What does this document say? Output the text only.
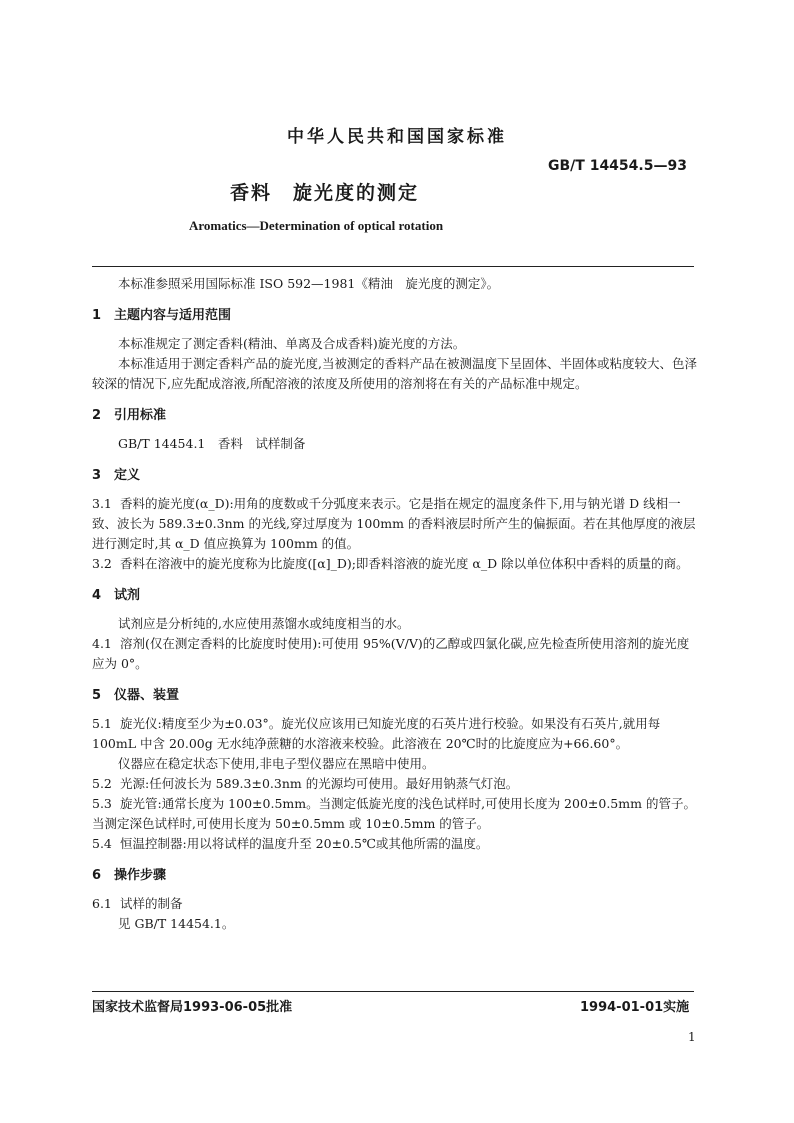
中华人民共和国国家标准
GB/T 14454.5—93
香料　旋光度的测定
Aromatics—Determination of optical rotation

本标准参照采用国际标准 ISO 592—1981《精油　旋光度的测定》。

1 主题内容与适用范围

本标准规定了测定香料(精油、单离及合成香料)旋光度的方法。

本标准适用于测定香料产品的旋光度,当被测定的香料产品在被测温度下呈固体、半固体或粘度较大、色泽较深的情况下,应先配成溶液,所配溶液的浓度及所使用的溶剂将在有关的产品标准中规定。

2 引用标准

GB/T 14454.1　香料　试样制备

3 定义

3.1 香料的旋光度(α_D):用角的度数或千分弧度来表示。它是指在规定的温度条件下,用与钠光谱 D 线相一致、波长为 589.3±0.3nm 的光线,穿过厚度为 100mm 的香料液层时所产生的偏振面。若在其他厚度的液层进行测定时,其 α_D 值应换算为 100mm 的值。

3.2 香料在溶液中的旋光度称为比旋度([α]_D);即香料溶液的旋光度 α_D 除以单位体积中香料的质量的商。

4 试剂

试剂应是分析纯的,水应使用蒸馏水或纯度相当的水。

4.1 溶剂(仅在测定香料的比旋度时使用):可使用 95%(V/V)的乙醇或四氯化碳,应先检查所使用溶剂的旋光度应为 0°。

5 仪器、装置

5.1 旋光仪:精度至少为±0.03°。旋光仪应该用已知旋光度的石英片进行校验。如果没有石英片,就用每 100mL 中含 20.00g 无水纯净蔗糖的水溶液来校验。此溶液在 20℃时的比旋度应为+66.60°。

仪器应在稳定状态下使用,非电子型仪器应在黑暗中使用。

5.2 光源:任何波长为 589.3±0.3nm 的光源均可使用。最好用钠蒸气灯泡。

5.3 旋光管:通常长度为 100±0.5mm。当测定低旋光度的浅色试样时,可使用长度为 200±0.5mm 的管子。当测定深色试样时,可使用长度为 50±0.5mm 或 10±0.5mm 的管子。

5.4 恒温控制器:用以将试样的温度升至 20±0.5℃或其他所需的温度。

6 操作步骤

6.1 试样的制备

见 GB/T 14454.1。

国家技术监督局1993-06-05批准	1994-01-01实施
1
